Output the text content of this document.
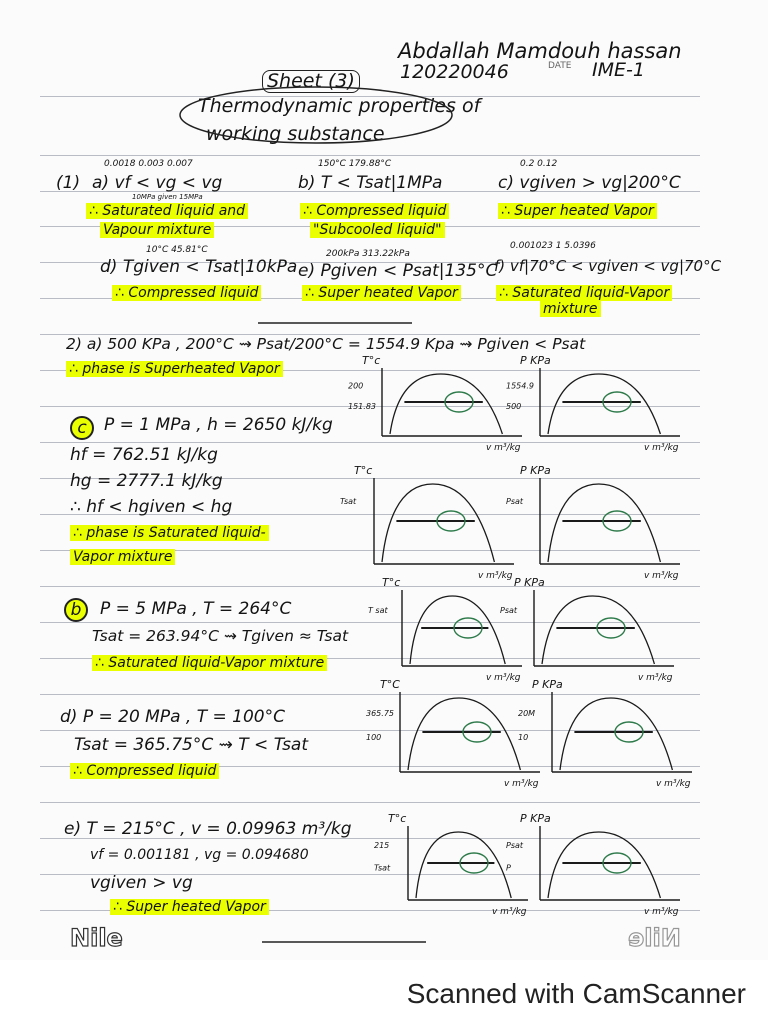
Abdallah Mamdouh hassan
120220046	DATE IME-1
Sheet (3)
Thermodynamic properties of
working substance
0.0018 0.003 0.007
(1) a) vf < vg < vg
10MPa given 15MPa
∴ Saturated liquid and
Vapour mixture
150°C 179.88°C
b) T < Tsat|1MPa
∴ Compressed liquid
"Subcooled liquid"
0.2 0.12
c) vgiven > vg|200°C
∴ Super heated Vapor
10°C 45.81°C
d) Tgiven < Tsat|10kPa
∴ Compressed liquid
200kPa 313.22kPa
e) Pgiven < Psat|135°C
∴ Super heated Vapor
0.001023 1 5.0396
f) vf|70°C < vgiven < vg|70°C
∴ Saturated liquid-Vapor
mixture
2) a) 500 KPa , 200°C ⇝ Psat/200°C = 1554.9 Kpa ⇝ Pgiven < Psat
∴ phase is Superheated Vapor
c	P = 1 MPa , h = 2650 kJ/kg
hf = 762.51 kJ/kg
hg = 2777.1 kJ/kg
∴ hf < hgiven < hg
∴ phase is Saturated liquid-
Vapor mixture
b	P = 5 MPa , T = 264°C
Tsat = 263.94°C ⇝ Tgiven ≈ Tsat
∴ Saturated liquid-Vapor mixture
d) P = 20 MPa , T = 100°C
Tsat = 365.75°C ⇝ T < Tsat
∴ Compressed liquid
e) T = 215°C , v = 0.09963 m³/kg
vf = 0.001181 , vg = 0.094680
vgiven > vg
∴ Super heated Vapor
T°c
200
151.83
v m³/kg
P KPa
1554.9
500
v m³/kg
T°c
Tsat
v m³/kg
P KPa
Psat
v m³/kg
T°c
T sat
v m³/kg
P KPa
Psat
v m³/kg
T°C
365.75
100
v m³/kg
P KPa
20M
10
v m³/kg
T°c
215
Tsat
v m³/kg
P KPa
Psat
P
v m³/kg
Nile	Nile
Scanned with CamScanner
